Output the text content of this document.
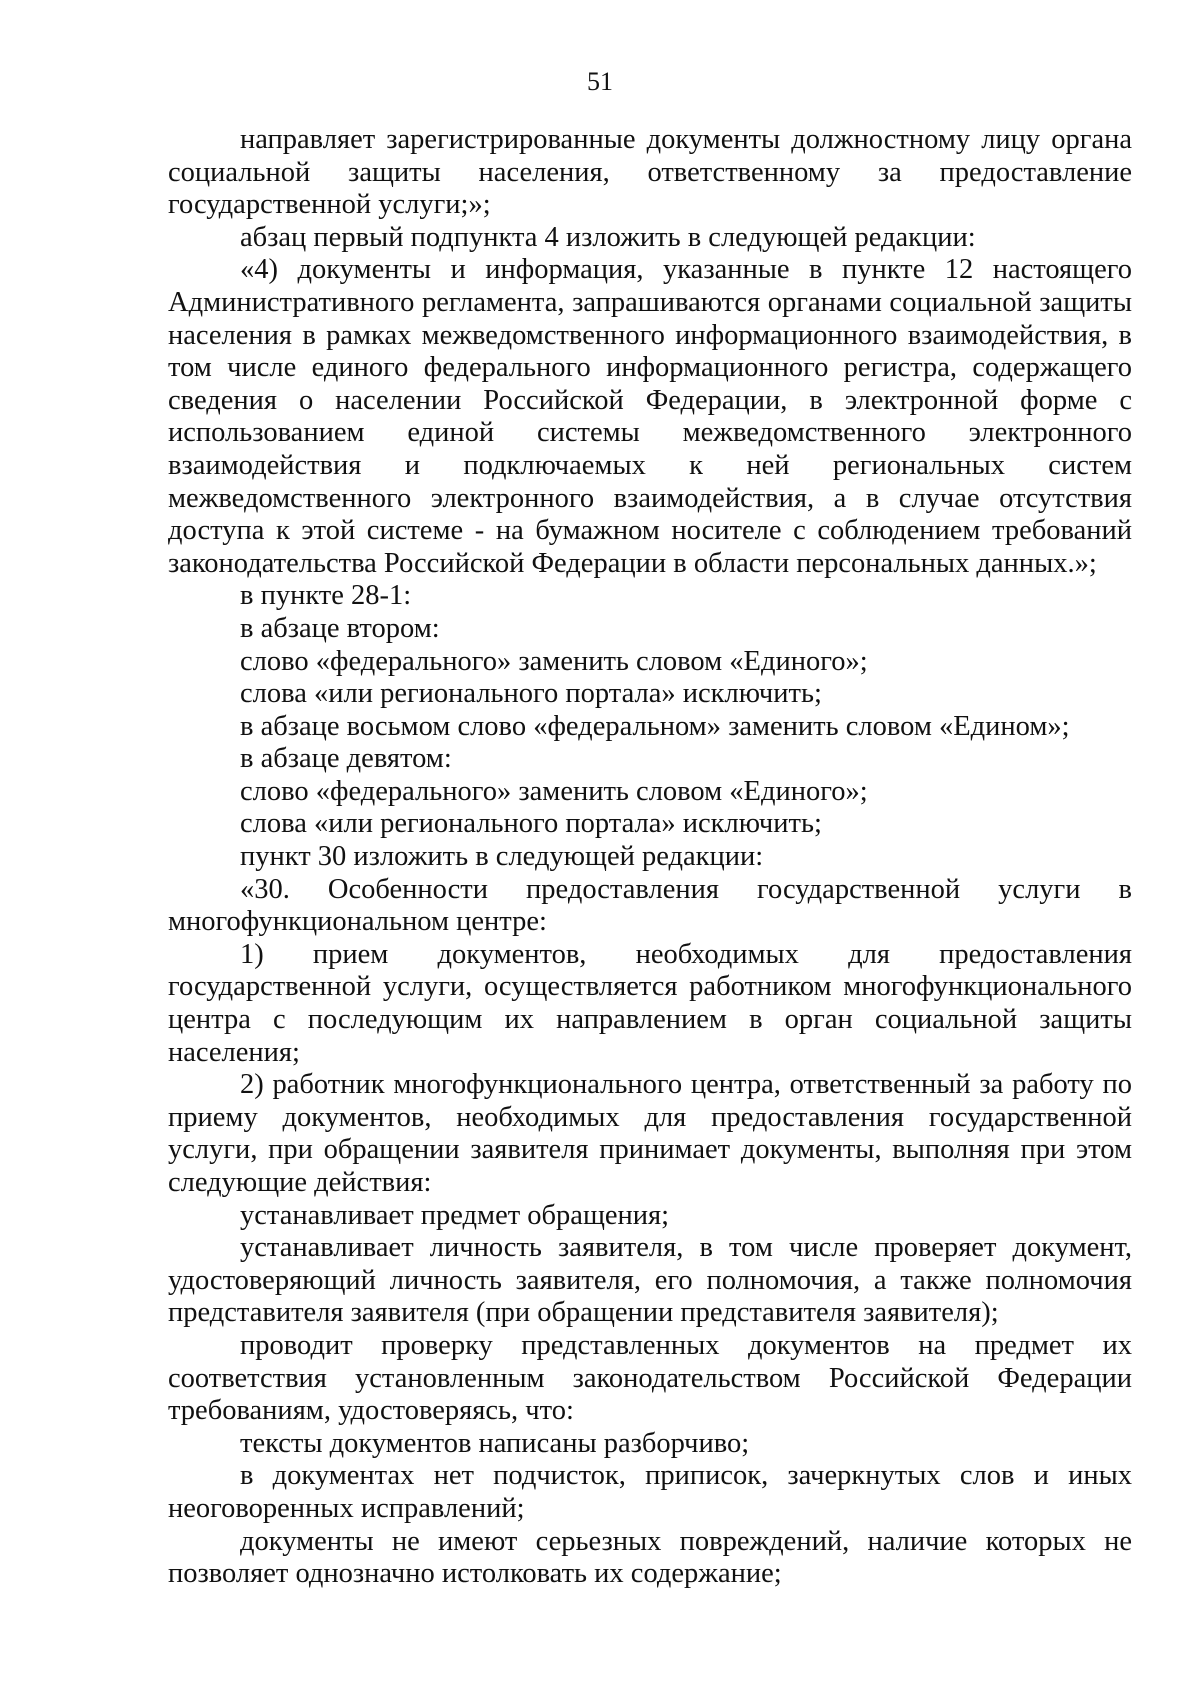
51

направляет зарегистрированные документы должностному лицу органа социальной защиты населения, ответственному за предоставление государственной услуги;»;

абзац первый подпункта 4 изложить в следующей редакции:

«4) документы и информация, указанные в пункте 12 настоящего Административного регламента, запрашиваются органами социальной защиты населения в рамках межведомственного информационного взаимодействия, в том числе единого федерального информационного регистра, содержащего сведения о населении Российской Федерации, в электронной форме с использованием единой системы межведомственного электронного взаимодействия и подключаемых к ней региональных систем межведомственного электронного взаимодействия, а в случае отсутствия доступа к этой системе - на бумажном носителе с соблюдением требований законодательства Российской Федерации в области персональных данных.»;

в пункте 28-1:

в абзаце втором:

слово «федерального» заменить словом «Единого»;

слова «или регионального портала» исключить;

в абзаце восьмом слово «федеральном» заменить словом «Едином»;

в абзаце девятом:

слово «федерального» заменить словом «Единого»;

слова «или регионального портала» исключить;

пункт 30 изложить в следующей редакции:

«30. Особенности предоставления государственной услуги в многофункциональном центре:

1) прием документов, необходимых для предоставления государственной услуги, осуществляется работником многофункционального центра с последующим их направлением в орган социальной защиты населения;

2) работник многофункционального центра, ответственный за работу по приему документов, необходимых для предоставления государственной услуги, при обращении заявителя принимает документы, выполняя при этом следующие действия:

устанавливает предмет обращения;

устанавливает личность заявителя, в том числе проверяет документ, удостоверяющий личность заявителя, его полномочия, а также полномочия представителя заявителя (при обращении представителя заявителя);

проводит проверку представленных документов на предмет их соответствия установленным законодательством Российской Федерации требованиям, удостоверяясь, что:

тексты документов написаны разборчиво;

в документах нет подчисток, приписок, зачеркнутых слов и иных неоговоренных исправлений;

документы не имеют серьезных повреждений, наличие которых не позволяет однозначно истолковать их содержание;
